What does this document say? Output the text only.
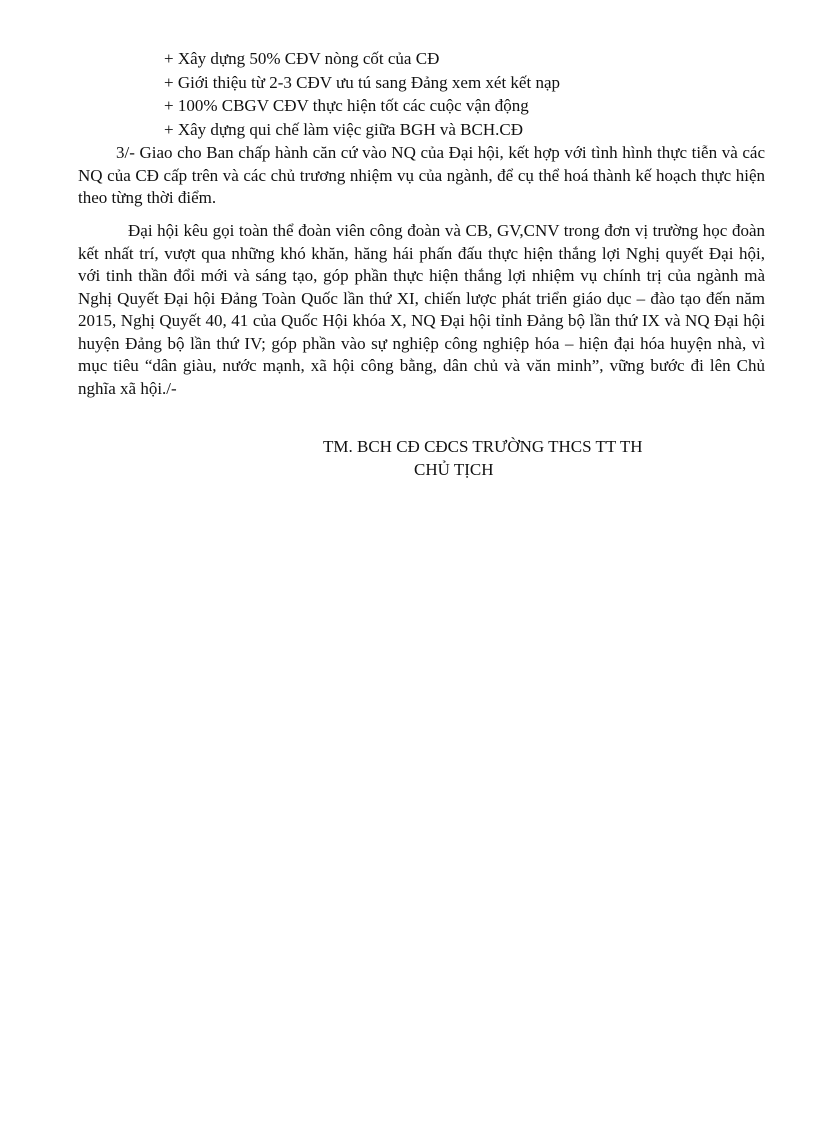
+ Xây dựng 50% CĐV nòng cốt của CĐ
+ Giới thiệu từ 2-3 CĐV ưu tú sang Đảng xem xét kết nạp
+ 100% CBGV CĐV thực hiện tốt các cuộc vận động
+ Xây dựng qui chế làm việc giữa BGH và BCH.CĐ

3/- Giao cho Ban chấp hành căn cứ vào NQ của Đại hội, kết hợp với tình hình thực tiễn và các NQ của CĐ cấp trên và các chủ trương nhiệm vụ của ngành, để cụ thể hoá thành kế hoạch thực hiện theo từng thời điểm.

Đại hội kêu gọi toàn thể đoàn viên công đoàn và CB, GV,CNV trong đơn vị trường học đoàn kết nhất trí, vượt qua những khó khăn, hăng hái phấn đấu thực hiện thắng lợi Nghị quyết Đại hội, với tinh thần đổi mới và sáng tạo, góp phần thực hiện thắng lợi nhiệm vụ chính trị của ngành mà Nghị Quyết Đại hội Đảng Toàn Quốc lần thứ XI, chiến lược phát triển giáo dục – đào tạo đến năm 2015, Nghị Quyết 40, 41 của Quốc Hội khóa X, NQ Đại hội tỉnh Đảng bộ lần thứ IX và NQ Đại hội huyện Đảng bộ lần thứ IV; góp phần vào sự nghiệp công nghiệp hóa – hiện đại hóa huyện nhà, vì mục tiêu “dân giàu, nước mạnh, xã hội công bằng, dân chủ và văn minh”, vững bước đi lên Chủ nghĩa xã hội./-

TM. BCH CĐ CĐCS TRƯỜNG THCS TT TH
CHỦ TỊCH
